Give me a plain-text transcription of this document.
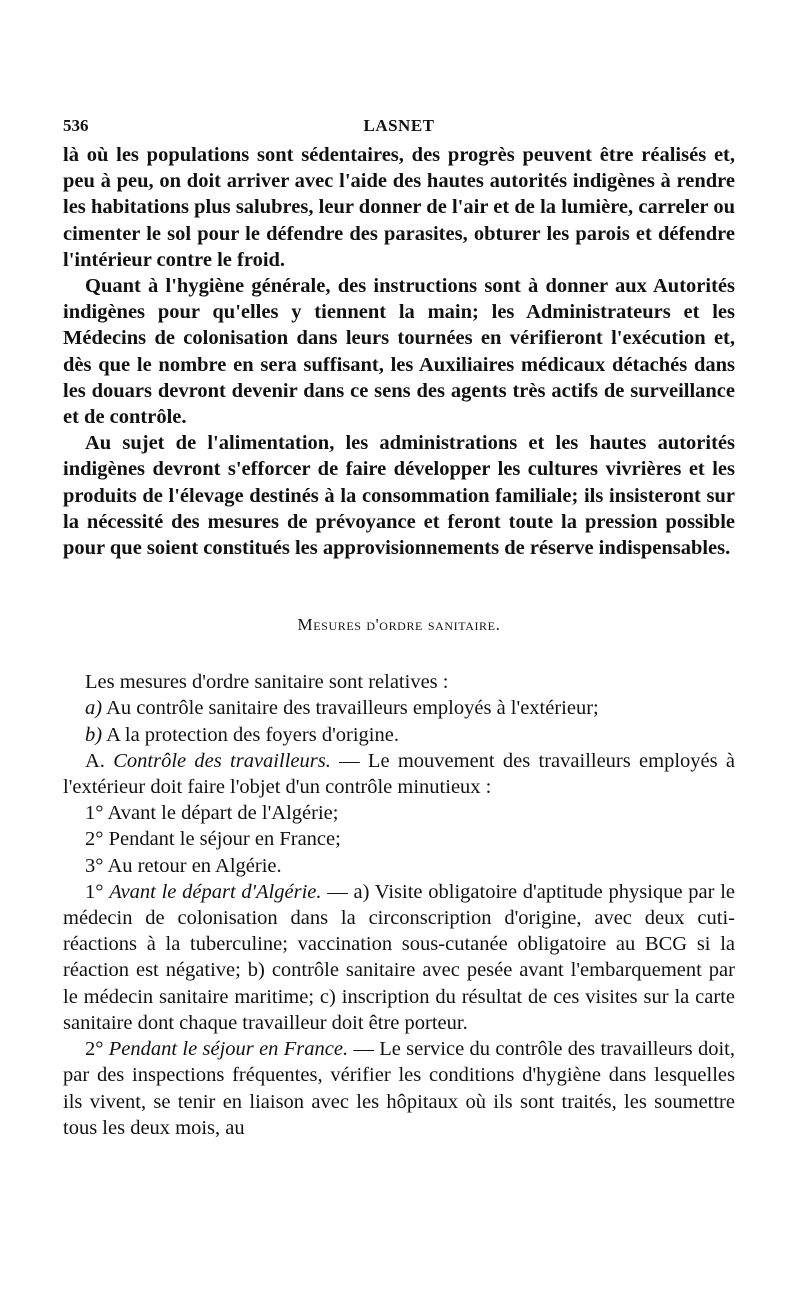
536	LASNET

là où les populations sont sédentaires, des progrès peuvent être réalisés et, peu à peu, on doit arriver avec l'aide des hautes autorités indigènes à rendre les habitations plus salubres, leur donner de l'air et de la lumière, carreler ou cimenter le sol pour le défendre des parasites, obturer les parois et défendre l'intérieur contre le froid.

Quant à l'hygiène générale, des instructions sont à donner aux Autorités indigènes pour qu'elles y tiennent la main; les Administrateurs et les Médecins de colonisation dans leurs tournées en vérifieront l'exécution et, dès que le nombre en sera suffisant, les Auxiliaires médicaux détachés dans les douars devront devenir dans ce sens des agents très actifs de surveillance et de contrôle.

Au sujet de l'alimentation, les administrations et les hautes autorités indigènes devront s'efforcer de faire développer les cultures vivrières et les produits de l'élevage destinés à la consommation familiale; ils insisteront sur la nécessité des mesures de prévoyance et feront toute la pression possible pour que soient constitués les approvisionnements de réserve indispensables.

Mesures d'ordre sanitaire.

Les mesures d'ordre sanitaire sont relatives :

a) Au contrôle sanitaire des travailleurs employés à l'extérieur;

b) A la protection des foyers d'origine.

A. Contrôle des travailleurs. — Le mouvement des travailleurs employés à l'extérieur doit faire l'objet d'un contrôle minutieux :

1° Avant le départ de l'Algérie;

2° Pendant le séjour en France;

3° Au retour en Algérie.

1° Avant le départ d'Algérie. — a) Visite obligatoire d'aptitude physique par le médecin de colonisation dans la circonscription d'origine, avec deux cuti-réactions à la tuberculine; vaccination sous-cutanée obligatoire au BCG si la réaction est négative; b) contrôle sanitaire avec pesée avant l'embarquement par le médecin sanitaire maritime; c) inscription du résultat de ces visites sur la carte sanitaire dont chaque travailleur doit être porteur.

2° Pendant le séjour en France. — Le service du contrôle des travailleurs doit, par des inspections fréquentes, vérifier les conditions d'hygiène dans lesquelles ils vivent, se tenir en liaison avec les hôpitaux où ils sont traités, les soumettre tous les deux mois, au
